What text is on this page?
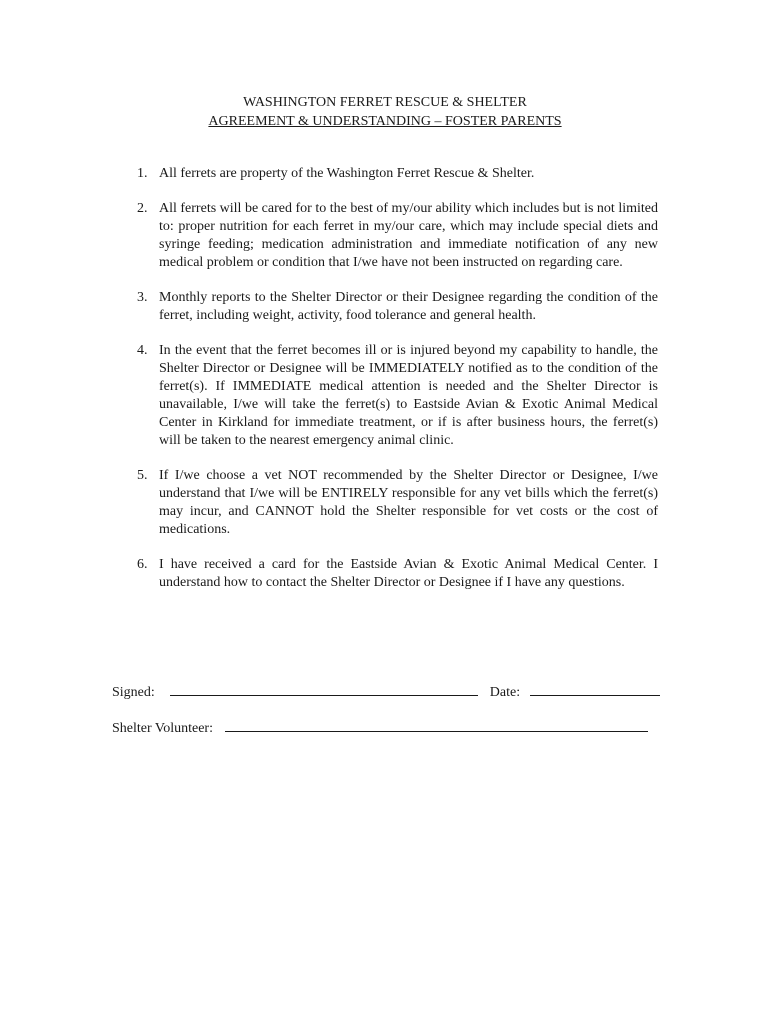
WASHINGTON FERRET RESCUE & SHELTER
AGREEMENT & UNDERSTANDING – FOSTER PARENTS
1. All ferrets are property of the Washington Ferret Rescue & Shelter.
2. All ferrets will be cared for to the best of my/our ability which includes but is not limited to: proper nutrition for each ferret in my/our care, which may include special diets and syringe feeding; medication administration and immediate notification of any new medical problem or condition that I/we have not been instructed on regarding care.
3. Monthly reports to the Shelter Director or their Designee regarding the condition of the ferret, including weight, activity, food tolerance and general health.
4. In the event that the ferret becomes ill or is injured beyond my capability to handle, the Shelter Director or Designee will be IMMEDIATELY notified as to the condition of the ferret(s). If IMMEDIATE medical attention is needed and the Shelter Director is unavailable, I/we will take the ferret(s) to Eastside Avian & Exotic Animal Medical Center in Kirkland for immediate treatment, or if is after business hours, the ferret(s) will be taken to the nearest emergency animal clinic.
5. If I/we choose a vet NOT recommended by the Shelter Director or Designee, I/we understand that I/we will be ENTIRELY responsible for any vet bills which the ferret(s) may incur, and CANNOT hold the Shelter responsible for vet costs or the cost of medications.
6. I have received a card for the Eastside Avian & Exotic Animal Medical Center. I understand how to contact the Shelter Director or Designee if I have any questions.
Signed:	Date:
Shelter Volunteer:
